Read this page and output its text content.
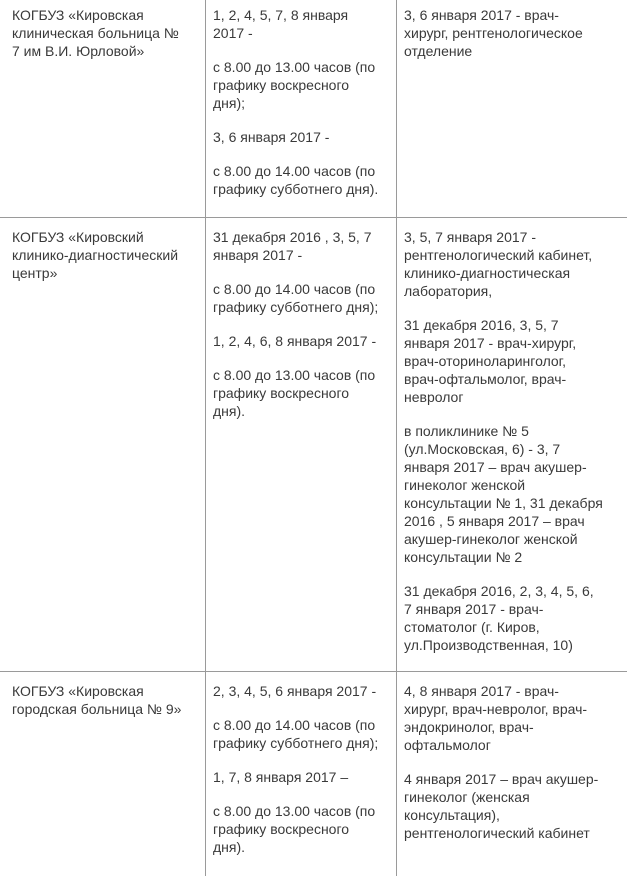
КОГБУЗ «Кировская
клиническая больница №
7 им В.И. Юрловой»

1, 2, 4, 5, 7, 8 января
2017 -

с 8.00 до 13.00 часов (по
графику воскресного
дня);

3, 6 января 2017 -

с 8.00 до 14.00 часов (по
графику субботнего дня).

3, 6 января 2017 - врач-
хирург, рентгенологическое
отделение

КОГБУЗ «Кировский
клинико-диагностический
центр»

31 декабря 2016 , 3, 5, 7
января 2017 -

с 8.00 до 14.00 часов (по
графику субботнего дня);

1, 2, 4, 6, 8 января 2017 -

с 8.00 до 13.00 часов (по
графику воскресного
дня).

3, 5, 7 января 2017 -
рентгенологический кабинет,
клинико-диагностическая
лаборатория,

31 декабря 2016, 3, 5, 7
января 2017 - врач-хирург,
врач-оториноларинголог,
врач-офтальмолог, врач-
невролог

в поликлинике № 5
(ул.Московская, 6) - 3, 7
января 2017 – врач акушер-
гинеколог женской
консультации № 1, 31 декабря
2016 , 5 января 2017 – врач
акушер-гинеколог женской
консультации № 2

31 декабря 2016, 2, 3, 4, 5, 6,
7 января 2017 - врач-
стоматолог (г. Киров,
ул.Производственная, 10)

КОГБУЗ «Кировская
городская больница № 9»

2, 3, 4, 5, 6 января 2017 -

с 8.00 до 14.00 часов (по
графику субботнего дня);

1, 7, 8 января 2017 –

с 8.00 до 13.00 часов (по
графику воскресного
дня).

4, 8 января 2017 - врач-
хирург, врач-невролог, врач-
эндокринолог, врач-
офтальмолог

4 января 2017 – врач акушер-
гинеколог (женская
консультация),
рентгенологический кабинет
